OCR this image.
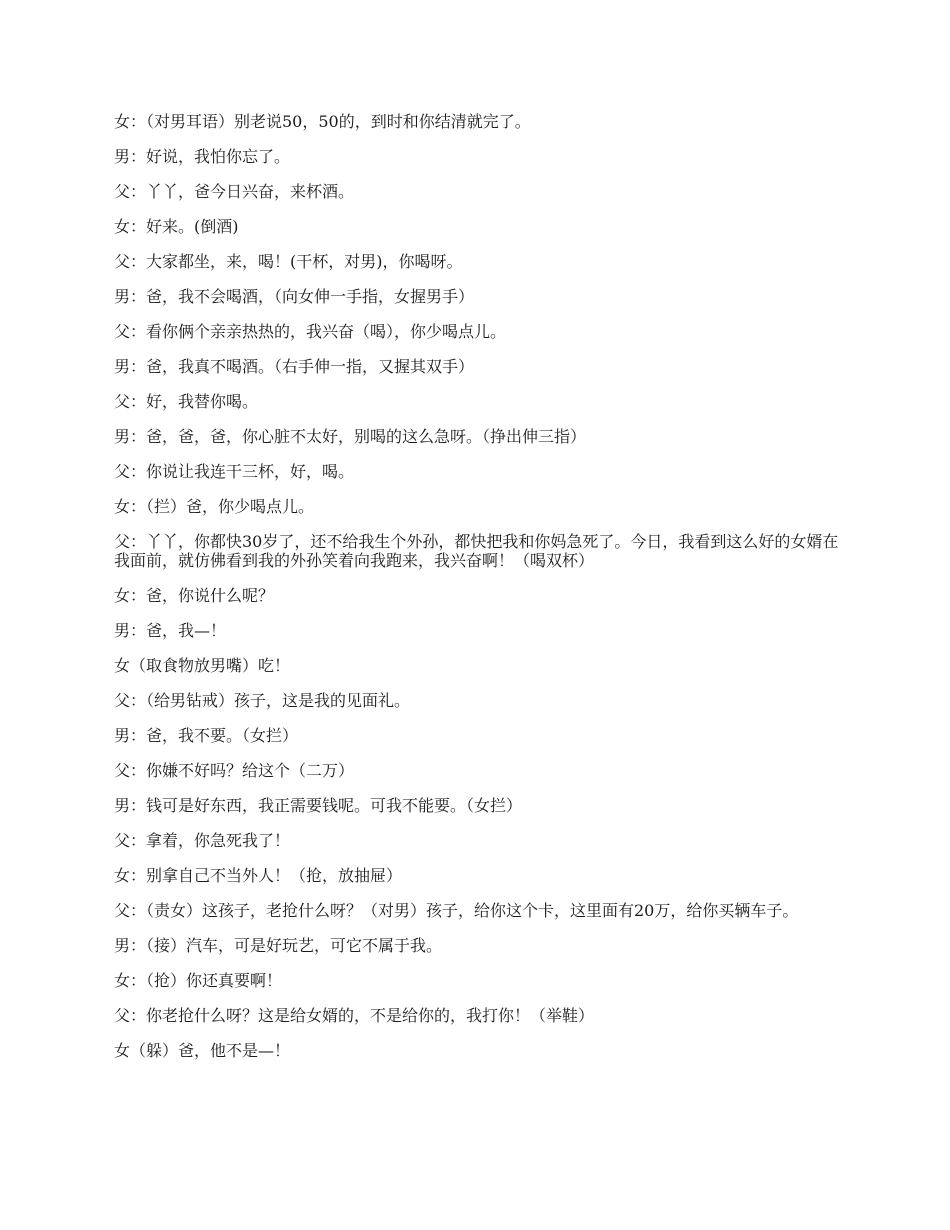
女：（对男耳语）别老说50，50的，到时和你结清就完了。

男：好说，我怕你忘了。

父：丫丫，爸今日兴奋，来杯酒。

女：好来。(倒酒)

父：大家都坐，来，喝！(干杯，对男)，你喝呀。

男：爸，我不会喝酒，（向女伸一手指，女握男手）

父：看你俩个亲亲热热的，我兴奋（喝），你少喝点儿。

男：爸，我真不喝酒。（右手伸一指，又握其双手）

父：好，我替你喝。

男：爸，爸，爸，你心脏不太好，别喝的这么急呀。（挣出伸三指）

父：你说让我连干三杯，好，喝。

女：（拦）爸，你少喝点儿。

父：丫丫，你都快30岁了，还不给我生个外孙，都快把我和你妈急死了。今日，我看到这么好的女婿在我面前，就仿佛看到我的外孙笑着向我跑来，我兴奋啊！（喝双杯）

女：爸，你说什么呢？

男：爸，我—！

女（取食物放男嘴）吃！

父：（给男钻戒）孩子，这是我的见面礼。

男：爸，我不要。（女拦）

父：你嫌不好吗？给这个（二万）

男：钱可是好东西，我正需要钱呢。可我不能要。（女拦）

父：拿着，你急死我了！

女：别拿自己不当外人！（抢，放抽屉）

父：（责女）这孩子，老抢什么呀？（对男）孩子，给你这个卡，这里面有20万，给你买辆车子。

男：（接）汽车，可是好玩艺，可它不属于我。

女：（抢）你还真要啊！

父：你老抢什么呀？这是给女婿的，不是给你的，我打你！（举鞋）

女（躲）爸，他不是—！
